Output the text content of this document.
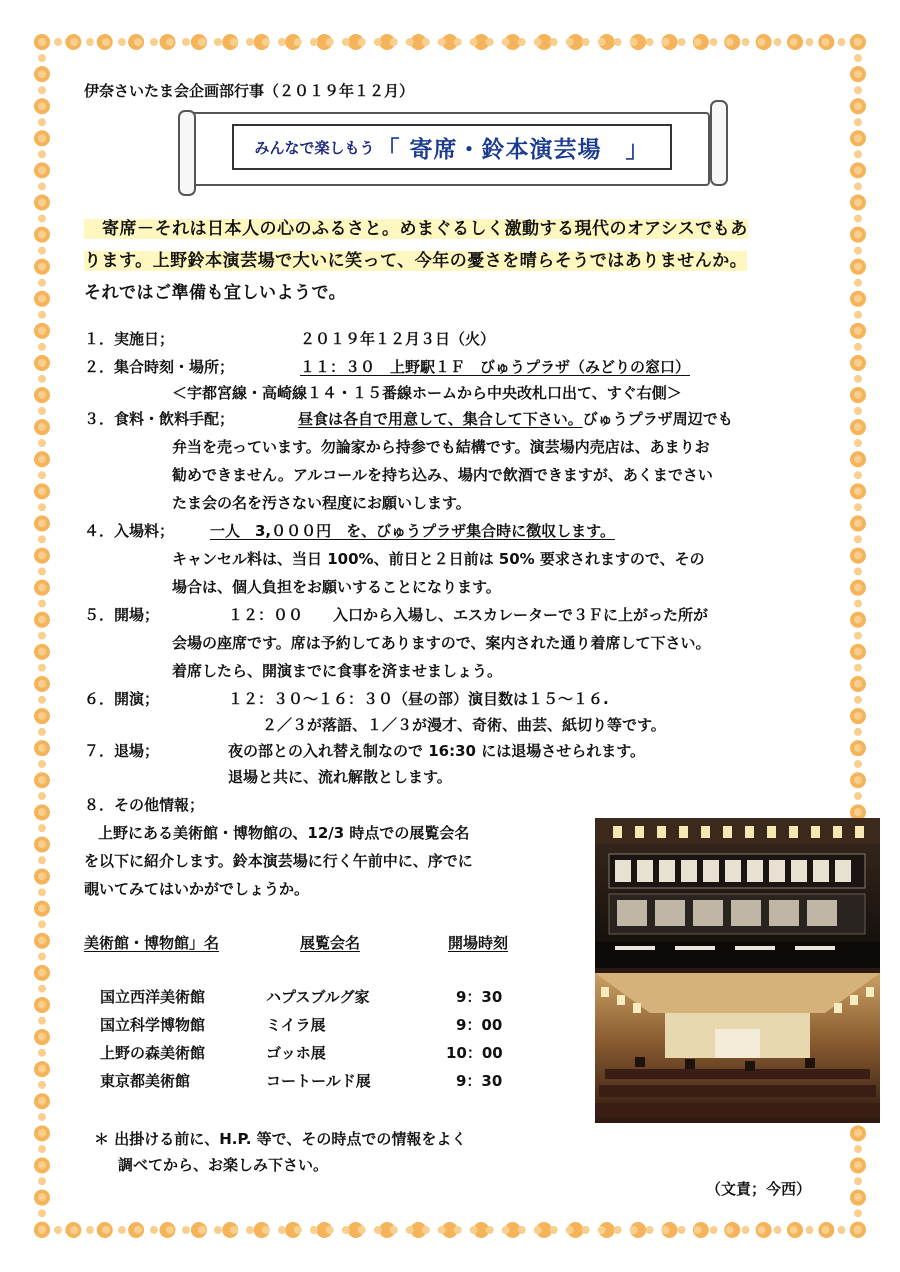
伊奈さいたま会企画部行事（２０１９年１２月）
みんなで楽しもう 「 寄席・鈴本演芸場　」
寄席－それは日本人の心のふるさと。めまぐるしく激動する現代のオアシスでもあ
ります。上野鈴本演芸場で大いに笑って、今年の憂さを晴らそうではありませんか。
それではご準備も宜しいようで。
１．実施日；	２０１９年１２月３日（火）
２．集合時刻・場所；	１１：３０　上野駅１Ｆ　びゅうプラザ（みどりの窓口）
＜宇都宮線・高崎線１４・１５番線ホームから中央改札口出て、すぐ右側＞
３．食料・飲料手配；	昼食は各自で用意して、集合して下さい。びゅうプラザ周辺でも
弁当を売っています。勿論家から持参でも結構です。演芸場内売店は、あまりお
勧めできません。アルコールを持ち込み、場内で飲酒できますが、あくまでさい
たま会の名を汚さない程度にお願いします。
４．入場料； 一人　3,０００円　を、びゅうプラザ集合時に徴収します。
キャンセル料は、当日 100%、前日と２日前は 50% 要求されますので、その
場合は、個人負担をお願いすることになります。
５．開場；	１２：００　　入口から入場し、エスカレーターで３Ｆに上がった所が
会場の座席です。席は予約してありますので、案内された通り着席して下さい。
着席したら、開演までに食事を済ませましょう。
６．開演；	１２：３０～１６：３０（昼の部）演目数は１５～１６.
２／３が落語、１／３が漫才、奇術、曲芸、紙切り等です。
７．退場；	夜の部との入れ替え制なので 16:30 には退場させられます。
退場と共に、流れ解散とします。
８．その他情報；
上野にある美術館・博物館の、12/3 時点での展覧会名
を以下に紹介します。鈴本演芸場に行く午前中に、序でに
覗いてみてはいかがでしょうか。
美術館・博物館」名	展覧会名	開場時刻
国立西洋美術館	ハプスブルグ家	9：30
国立科学博物館	ミイラ展	9：00
上野の森美術館	ゴッホ展	10：00
東京都美術館	コートールド展	9：30
＊ 出掛ける前に、H.P. 等で、その時点での情報をよく
調べてから、お楽しみ下さい。
（文責；今西）
